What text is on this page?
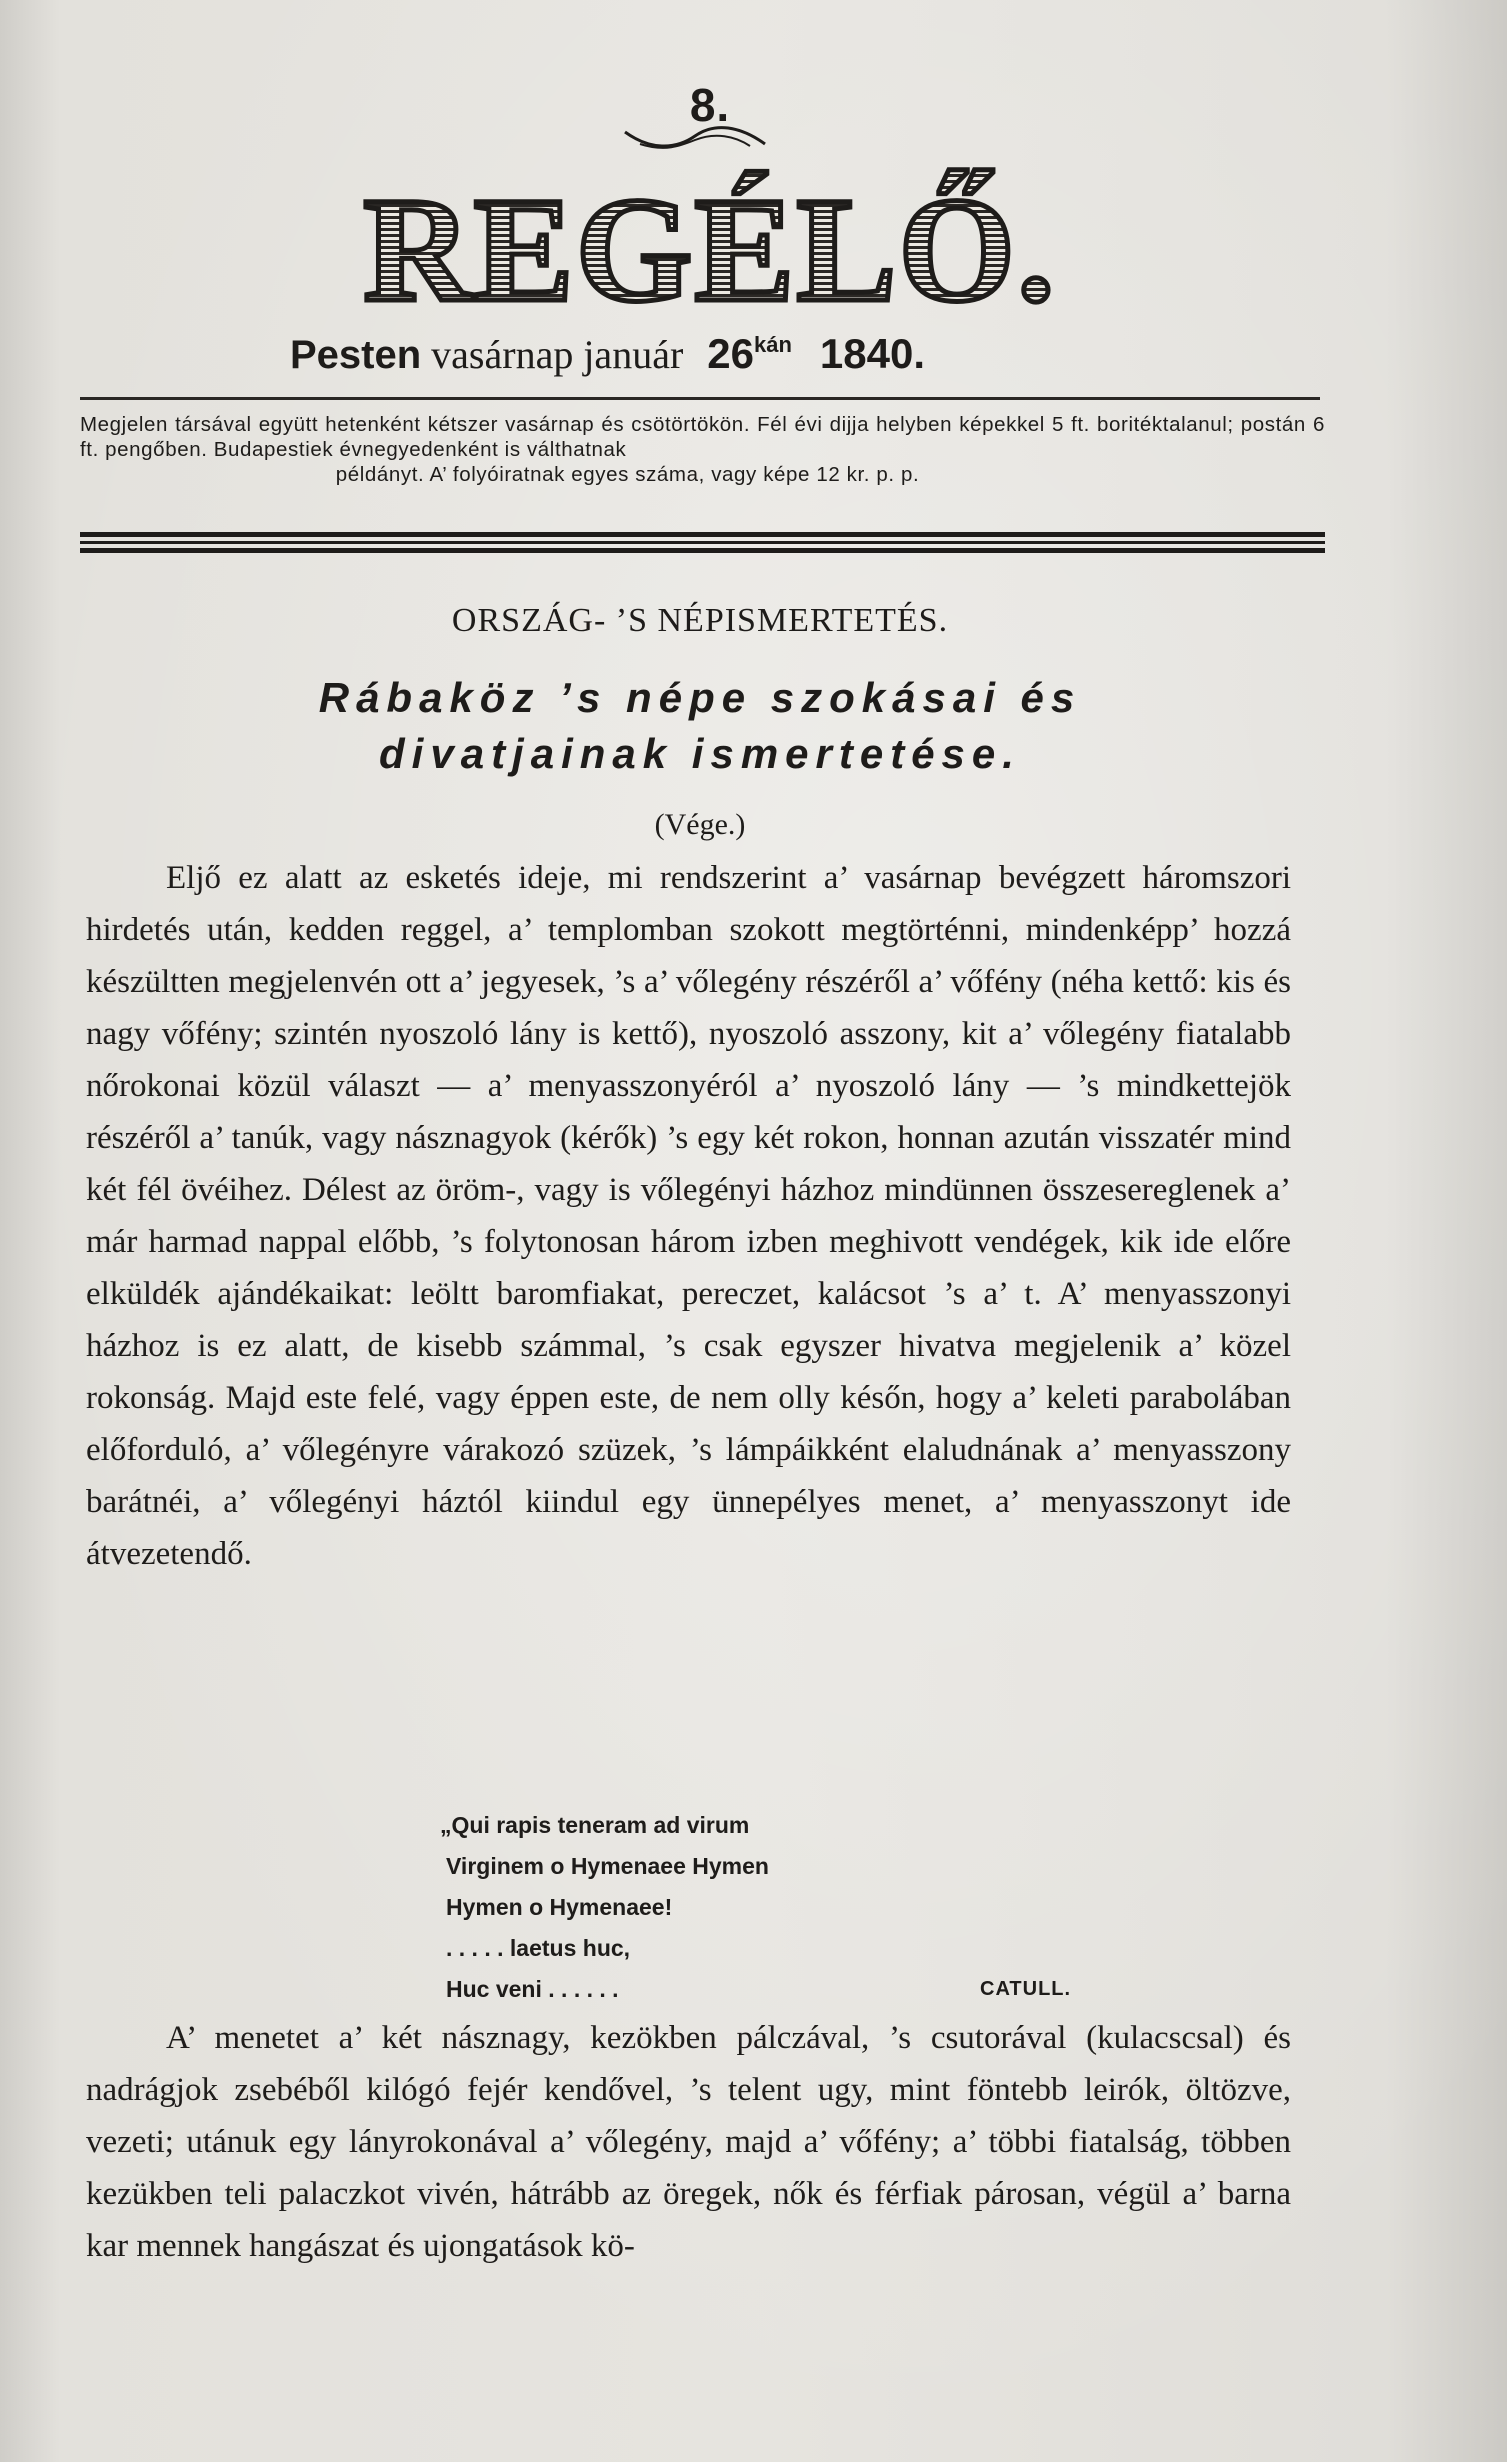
8.
REGÉLŐ.
Pesten vasárnap január $26^{kán}$ 1840.
Megjelen társával együtt hetenként kétszer vasárnap és csötörtökön. Fél évi dijja helyben képekkel 5 ft. boritéktalanul; postán 6 ft. pengőben. Budapestiek évnegyedenként is válthatnak
példányt. A’ folyóiratnak egyes száma, vagy képe 12 kr. p. p.
ORSZÁG- ’S NÉPISMERTETÉS.
Rábaköz ’s népe szokásai és
divatjainak ismertetése.
(Vége.)

Eljő ez alatt az esketés ideje, mi rendszerint a’ vasárnap bevégzett háromszori hirdetés után, kedden reggel, a’ templomban szokott megtörténni, mindenképp’ hozzá készültten megjelenvén ott a’ jegyesek, ’s a’ vőlegény részéről a’ vőfény (néha kettő: kis és nagy vőfény; szintén nyoszoló lány is kettő), nyoszoló asszony, kit a’ vőlegény fiatalabb nőrokonai közül választ — a’ menyasszonyéról a’ nyoszoló lány — ’s mindkettejök részéről a’ tanúk, vagy násznagyok (kérők) ’s egy két rokon, honnan azután visszatér mind két fél övéihez. Délest az öröm-, vagy is vőlegényi házhoz mindünnen összesereglenek a’ már harmad nappal előbb, ’s folytonosan három izben meghivott vendégek, kik ide előre elküldék ajándékaikat: leöltt baromfiakat, pereczet, kalácsot ’s a’ t. A’ menyasszonyi házhoz is ez alatt, de kisebb számmal, ’s csak egyszer hivatva megjelenik a’ közel rokonság. Majd este felé, vagy éppen este, de nem olly későn, hogy a’ keleti parabolában előforduló, a’ vőlegényre várakozó szüzek, ’s lámpáikként elaludnának a’ menyasszony barátnéi, a’ vőlegényi háztól kiindul egy ünnepélyes menet, a’ menyasszonyt ide átvezetendő.

„Qui rapis teneram ad virum
Virginem o Hymenaee Hymen
Hymen o Hymenaee!
. . . . . laetus huc,
Huc veni . . . . . .	CATULL.

A’ menetet a’ két násznagy, kezökben pálczával, ’s csutorával (kulacscsal) és nadrágjok zsebéből kilógó fejér kendővel, ’s telent ugy, mint föntebb leirók, öltözve, vezeti; utánuk egy lányrokonával a’ vőlegény, majd a’ vőfény; a’ többi fiatalság, többen kezükben teli palaczkot vivén, hátrább az öregek, nők és férfiak párosan, végül a’ barna kar mennek hangászat és ujongatások kö-
